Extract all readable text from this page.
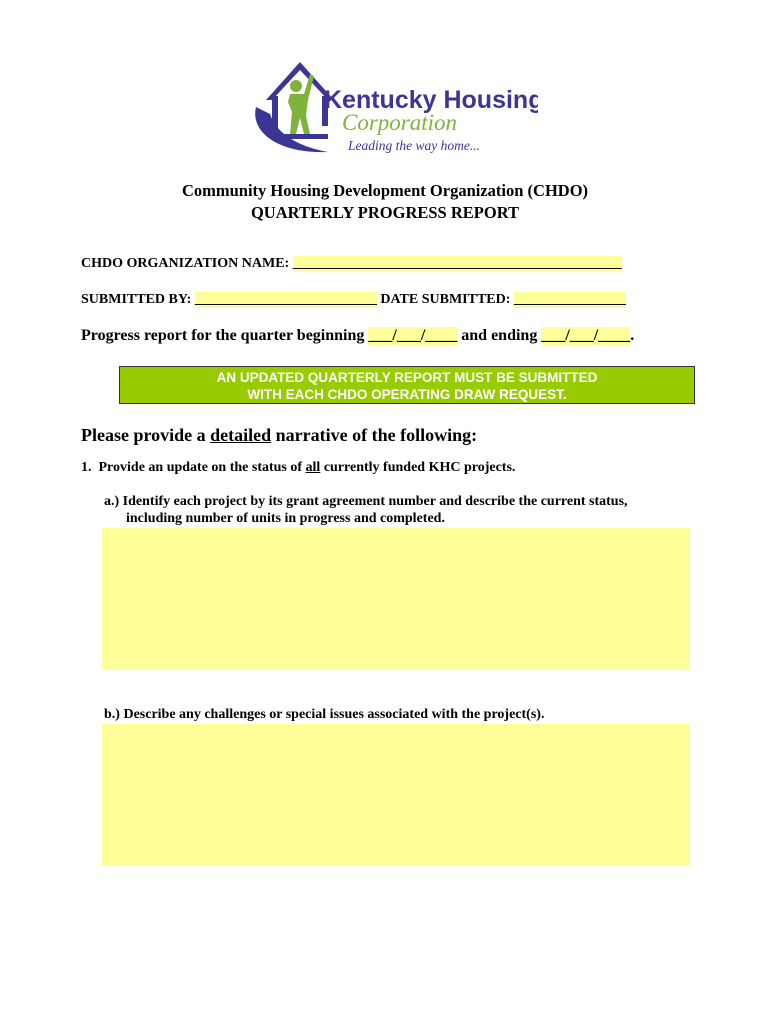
Kentucky Housing
Corporation
Leading the way home...
Community Housing Development Organization (CHDO)
QUARTERLY PROGRESS REPORT
CHDO ORGANIZATION NAME: _______________________________________________
SUBMITTED BY: __________________________ DATE SUBMITTED: ________________
Progress report for the quarter beginning ___/___/____ and ending ___/___/____.
AN UPDATED QUARTERLY REPORT MUST BE SUBMITTED
WITH EACH CHDO OPERATING DRAW REQUEST.
Please provide a detailed narrative of the following:
1. Provide an update on the status of all currently funded KHC projects.
a.) Identify each project by its grant agreement number and describe the current status,
including number of units in progress and completed.
b.) Describe any challenges or special issues associated with the project(s).
